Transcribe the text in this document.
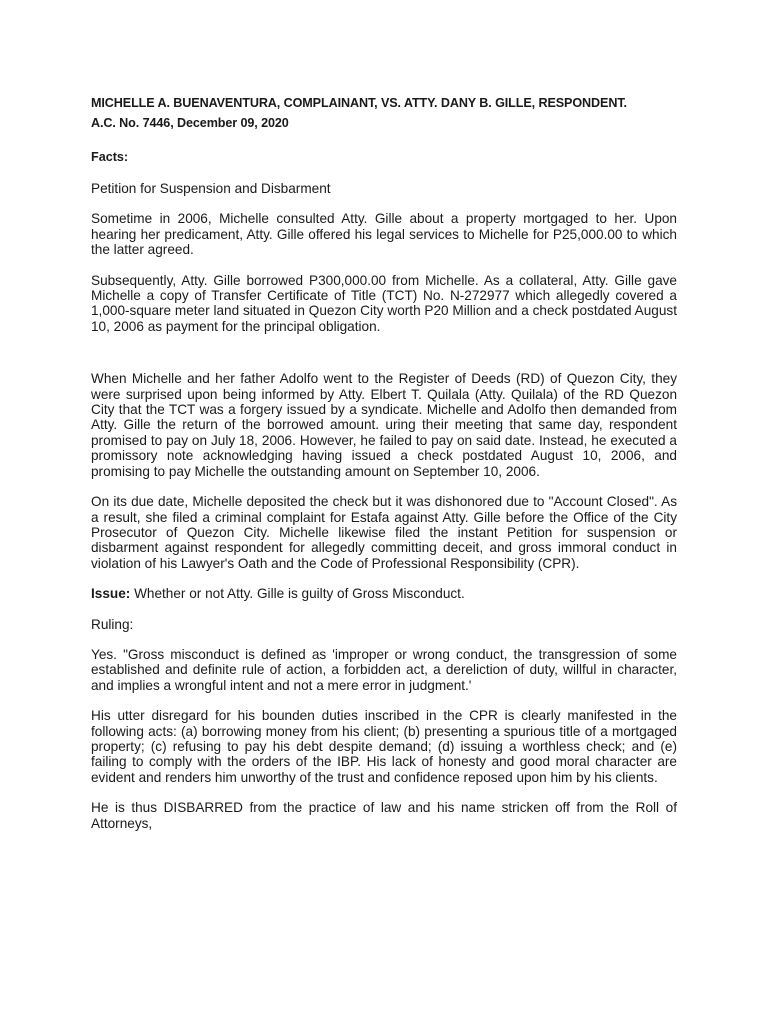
MICHELLE A. BUENAVENTURA, COMPLAINANT, VS. ATTY. DANY B. GILLE, RESPONDENT.

A.C. No. 7446, December 09, 2020

Facts:

Petition for Suspension and Disbarment

Sometime in 2006, Michelle consulted Atty. Gille about a property mortgaged to her. Upon hearing her predicament, Atty. Gille offered his legal services to Michelle for P25,000.00 to which the latter agreed.

Subsequently, Atty. Gille borrowed P300,000.00 from Michelle. As a collateral, Atty. Gille gave Michelle a copy of Transfer Certificate of Title (TCT) No. N-272977 which allegedly covered a 1,000-square meter land situated in Quezon City worth P20 Million and a check postdated August 10, 2006 as payment for the principal obligation.

When Michelle and her father Adolfo went to the Register of Deeds (RD) of Quezon City, they were surprised upon being informed by Atty. Elbert T. Quilala (Atty. Quilala) of the RD Quezon City that the TCT was a forgery issued by a syndicate. Michelle and Adolfo then demanded from Atty. Gille the return of the borrowed amount. uring their meeting that same day, respondent promised to pay on July 18, 2006. However, he failed to pay on said date. Instead, he executed a promissory note acknowledging having issued a check postdated August 10, 2006, and promising to pay Michelle the outstanding amount on September 10, 2006.

On its due date, Michelle deposited the check but it was dishonored due to "Account Closed". As a result, she filed a criminal complaint for Estafa against Atty. Gille before the Office of the City Prosecutor of Quezon City. Michelle likewise filed the instant Petition for suspension or disbarment against respondent for allegedly committing deceit, and gross immoral conduct in violation of his Lawyer's Oath and the Code of Professional Responsibility (CPR).

Issue: Whether or not Atty. Gille is guilty of Gross Misconduct.

Ruling:

Yes. "Gross misconduct is defined as 'improper or wrong conduct, the transgression of some established and definite rule of action, a forbidden act, a dereliction of duty, willful in character, and implies a wrongful intent and not a mere error in judgment.'

His utter disregard for his bounden duties inscribed in the CPR is clearly manifested in the following acts: (a) borrowing money from his client; (b) presenting a spurious title of a mortgaged property; (c) refusing to pay his debt despite demand; (d) issuing a worthless check; and (e) failing to comply with the orders of the IBP. His lack of honesty and good moral character are evident and renders him unworthy of the trust and confidence reposed upon him by his clients.

He is thus DISBARRED from the practice of law and his name stricken off from the Roll of Attorneys,
